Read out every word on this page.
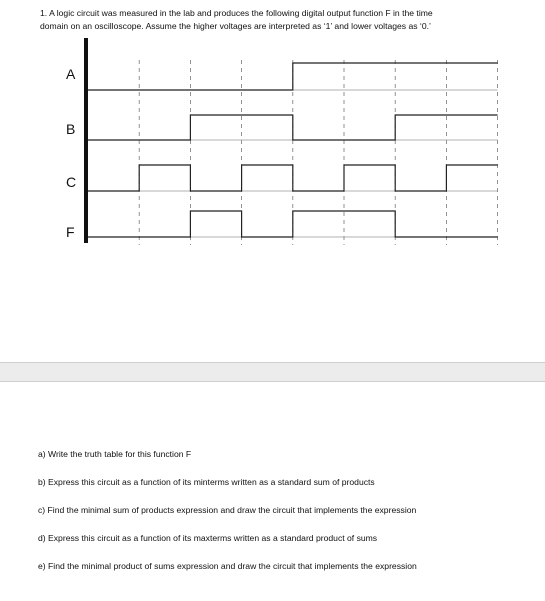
1. A logic circuit was measured in the lab and produces the following digital output function F in the time

domain on an oscilloscope. Assume the higher voltages are interpreted as ‘1’ and lower voltages as ‘0.’

A
B
C
F
a) Write the truth table for this function F
b) Express this circuit as a function of its minterms written as a standard sum of products
c) Find the minimal sum of products expression and draw the circuit that implements the expression
d) Express this circuit as a function of its maxterms written as a standard product of sums
e) Find the minimal product of sums expression and draw the circuit that implements the expression
